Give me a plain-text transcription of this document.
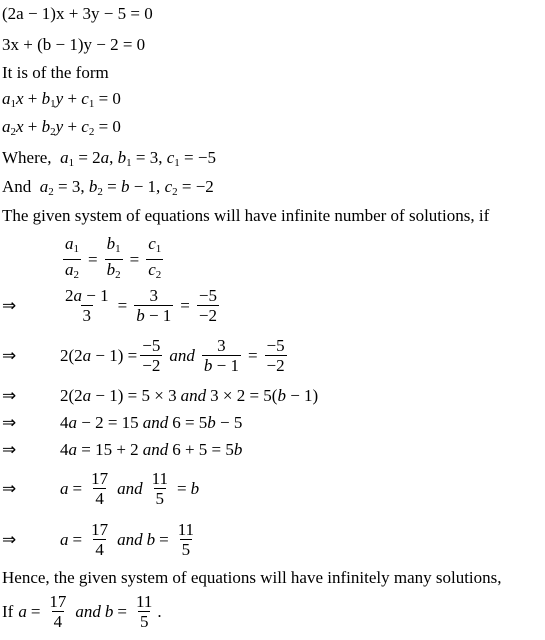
(2a − 1)x + 3y − 5 = 0
3x + (b − 1)y − 2 = 0
It is of the form
$a_1x + b_1y + c_1 = 0$
$a_2x + b_2y + c_2 = 0$
Where, $a_1 = 2a$, $b_1 = 3$, $c_1 = -5$
And $a_2 = 3$, $b_2 = b - 1$, $c_2 = -2$
The given system of equations will have infinite number of solutions, if
$\frac{a_1}{a_2} = \frac{b_1}{b_2} = \frac{c_1}{c_2}$
⇒	$\frac{2a - 1}{3} = \frac{3}{b - 1} = \frac{-5}{-2}$
⇒	$2(2a - 1) = \frac{-5}{-2}$ and $\frac{3}{b - 1} = \frac{-5}{-2}$
⇒	2(2a − 1) = 5 × 3 and 3 × 2 = 5(b − 1)
⇒	4a − 2 = 15 and 6 = 5b − 5
⇒	4a = 15 + 2 and 6 + 5 = 5b
⇒	$a = \frac{17}{4}$ and $\frac{11}{5} = b$
⇒	$a = \frac{17}{4}$ and $b = \frac{11}{5}$
Hence, the given system of equations will have infinitely many solutions,
If $a = \frac{17}{4}$ and $b = \frac{11}{5}$ .
